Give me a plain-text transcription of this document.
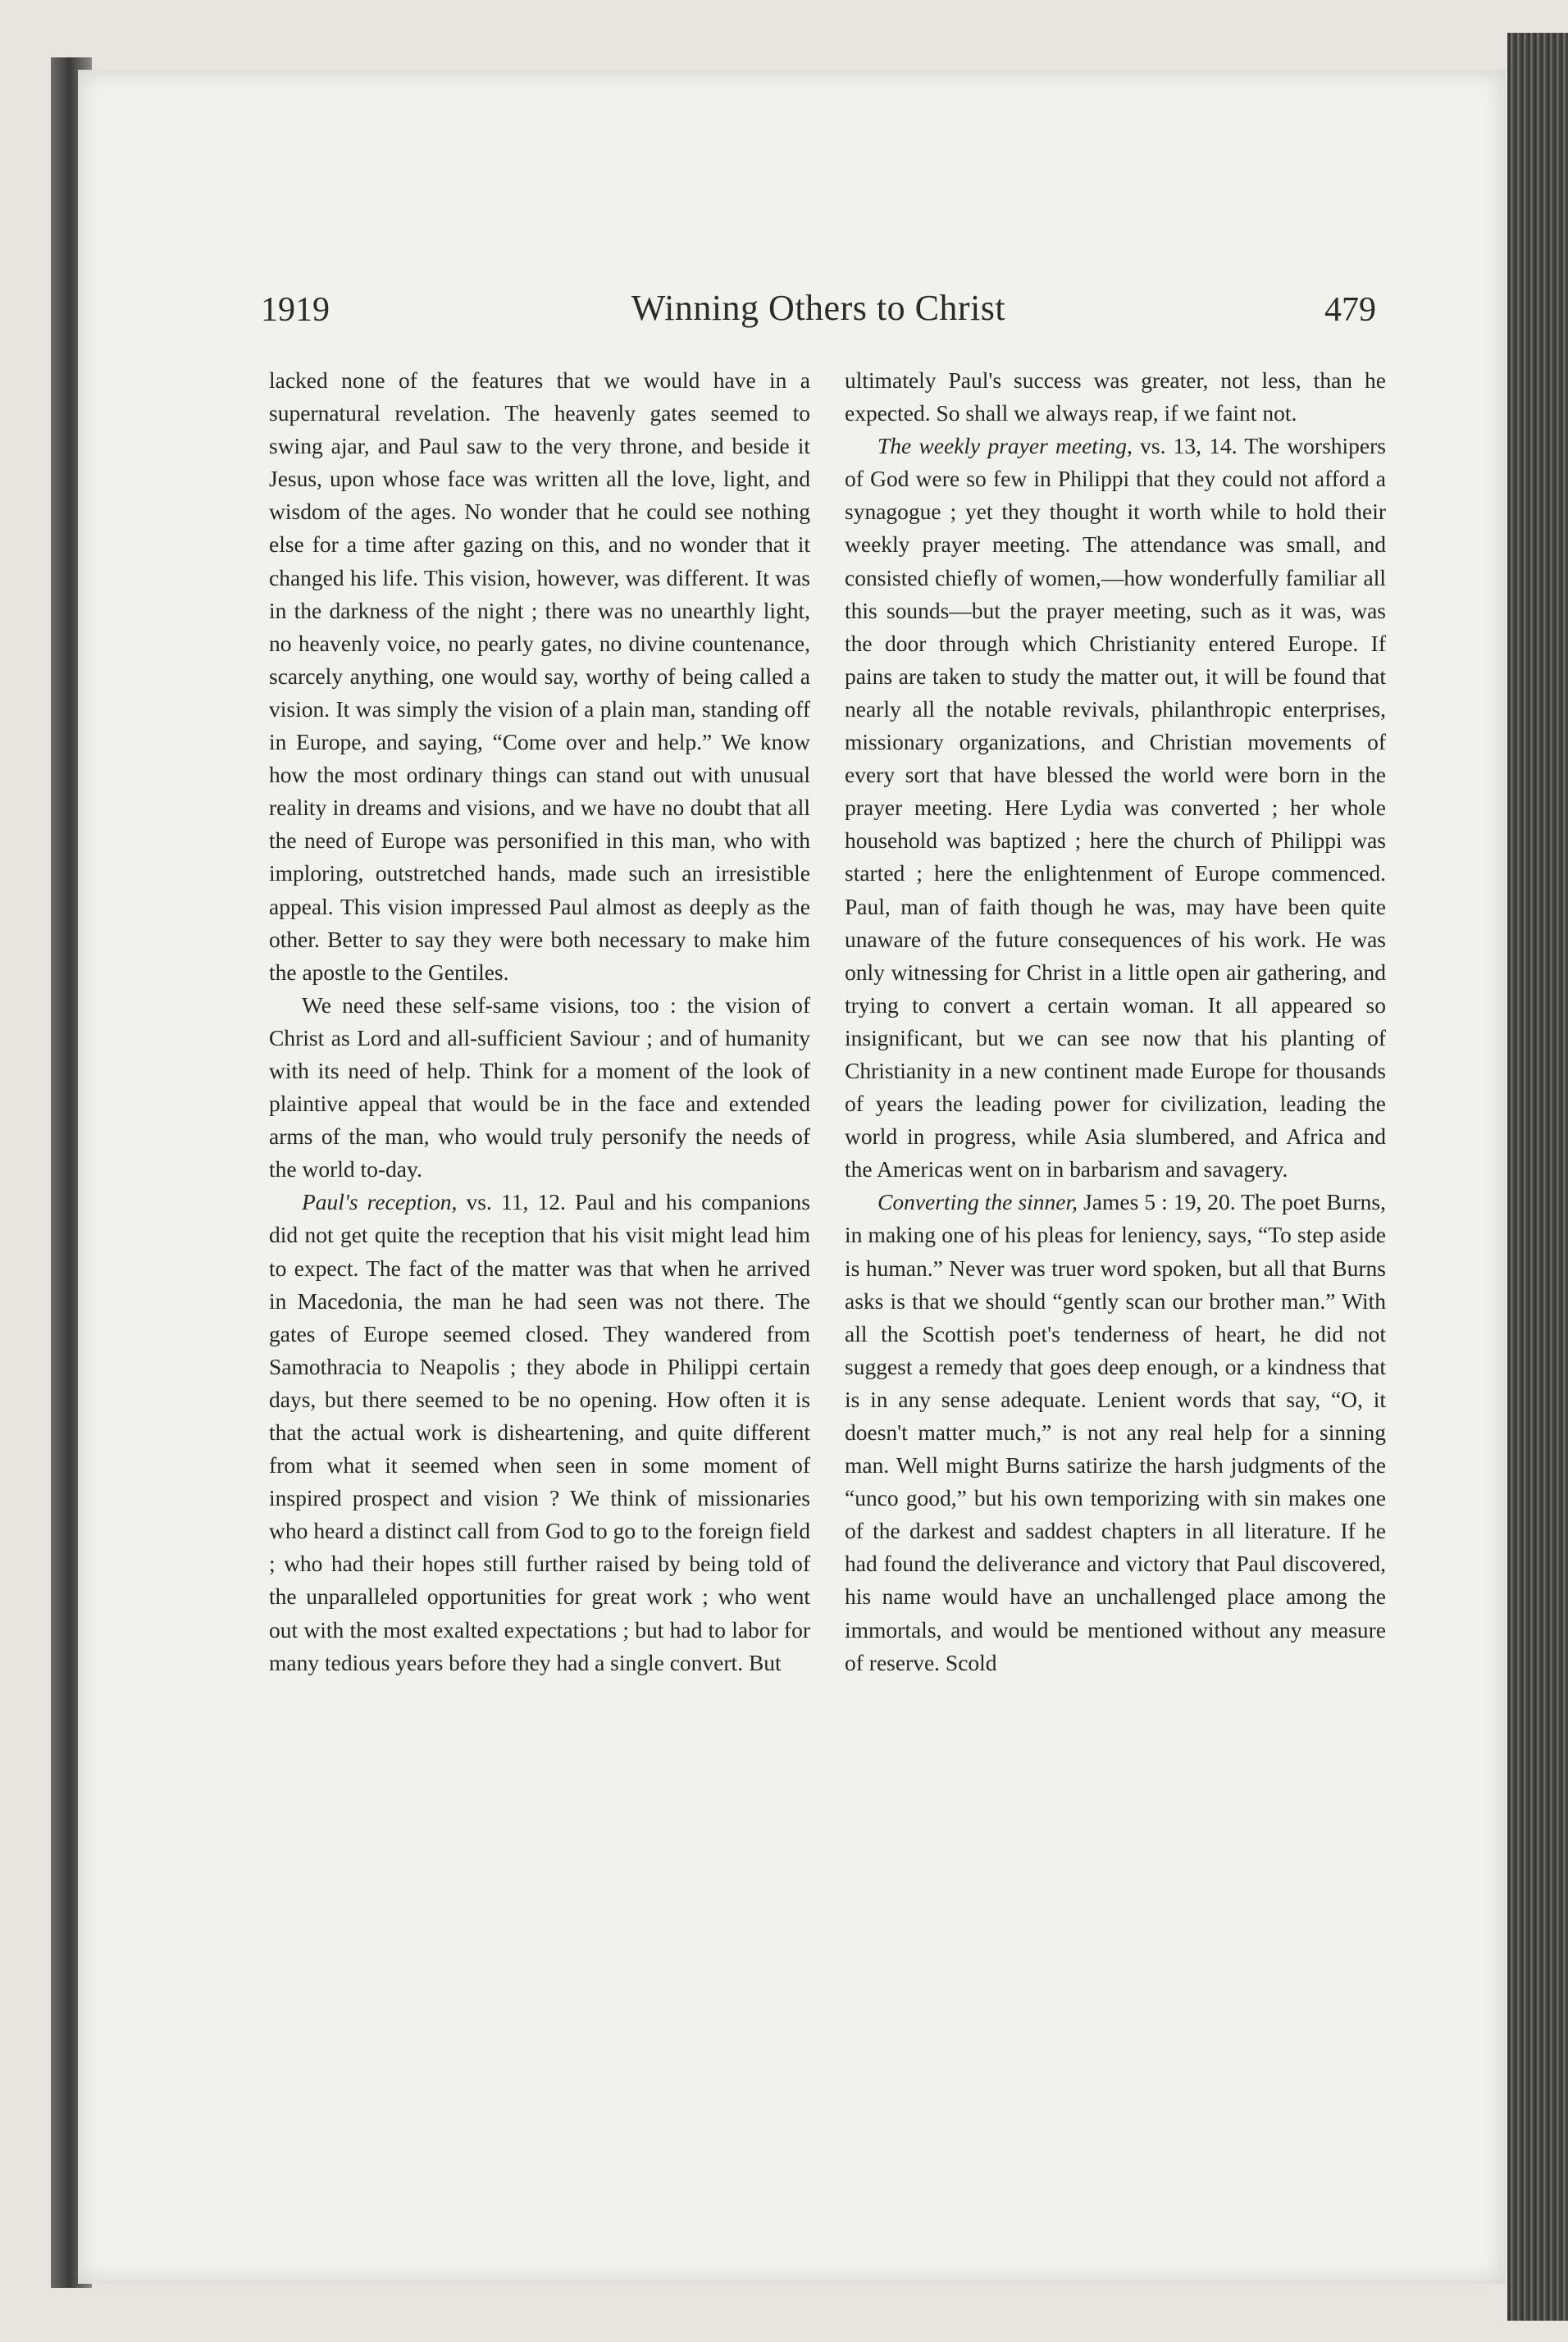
1919	Winning Others to Christ	479

lacked none of the features that we would have in a supernatural revelation. The heavenly gates seemed to swing ajar, and Paul saw to the very throne, and beside it Jesus, upon whose face was written all the love, light, and wisdom of the ages. No wonder that he could see nothing else for a time after gazing on this, and no wonder that it changed his life. This vision, however, was different. It was in the darkness of the night ; there was no unearthly light, no heavenly voice, no pearly gates, no divine countenance, scarcely anything, one would say, worthy of being called a vision. It was simply the vision of a plain man, standing off in Europe, and saying, “Come over and help.” We know how the most ordinary things can stand out with unusual reality in dreams and visions, and we have no doubt that all the need of Europe was personified in this man, who with imploring, outstretched hands, made such an irresistible appeal. This vision impressed Paul almost as deeply as the other. Better to say they were both necessary to make him the apostle to the Gentiles.

We need these self-same visions, too : the vision of Christ as Lord and all-sufficient Saviour ; and of humanity with its need of help. Think for a moment of the look of plaintive appeal that would be in the face and extended arms of the man, who would truly personify the needs of the world to-day.

Paul's reception, vs. 11, 12. Paul and his companions did not get quite the reception that his visit might lead him to expect. The fact of the matter was that when he arrived in Macedonia, the man he had seen was not there. The gates of Europe seemed closed. They wandered from Samothracia to Neapolis ; they abode in Philippi certain days, but there seemed to be no opening. How often it is that the actual work is disheartening, and quite different from what it seemed when seen in some moment of inspired prospect and vision ? We think of missionaries who heard a distinct call from God to go to the foreign field ; who had their hopes still further raised by being told of the unparalleled opportunities for great work ; who went out with the most exalted expectations ; but had to labor for many tedious years before they had a single convert. But

ultimately Paul's success was greater, not less, than he expected. So shall we always reap, if we faint not.

The weekly prayer meeting, vs. 13, 14. The worshipers of God were so few in Philippi that they could not afford a synagogue ; yet they thought it worth while to hold their weekly prayer meeting. The attendance was small, and consisted chiefly of women,—how wonderfully familiar all this sounds—but the prayer meeting, such as it was, was the door through which Christianity entered Europe. If pains are taken to study the matter out, it will be found that nearly all the notable revivals, philanthropic enterprises, missionary organizations, and Christian movements of every sort that have blessed the world were born in the prayer meeting. Here Lydia was converted ; her whole household was baptized ; here the church of Philippi was started ; here the enlightenment of Europe commenced. Paul, man of faith though he was, may have been quite unaware of the future consequences of his work. He was only witnessing for Christ in a little open air gathering, and trying to convert a certain woman. It all appeared so insignificant, but we can see now that his planting of Christianity in a new continent made Europe for thousands of years the leading power for civilization, leading the world in progress, while Asia slumbered, and Africa and the Americas went on in barbarism and savagery.

Converting the sinner, James 5 : 19, 20. The poet Burns, in making one of his pleas for leniency, says, “To step aside is human.” Never was truer word spoken, but all that Burns asks is that we should “gently scan our brother man.” With all the Scottish poet's tenderness of heart, he did not suggest a remedy that goes deep enough, or a kindness that is in any sense adequate. Lenient words that say, “O, it doesn't matter much,” is not any real help for a sinning man. Well might Burns satirize the harsh judgments of the “unco good,” but his own temporizing with sin makes one of the darkest and saddest chapters in all literature. If he had found the deliverance and victory that Paul discovered, his name would have an unchallenged place among the immortals, and would be mentioned without any measure of reserve. Scold
